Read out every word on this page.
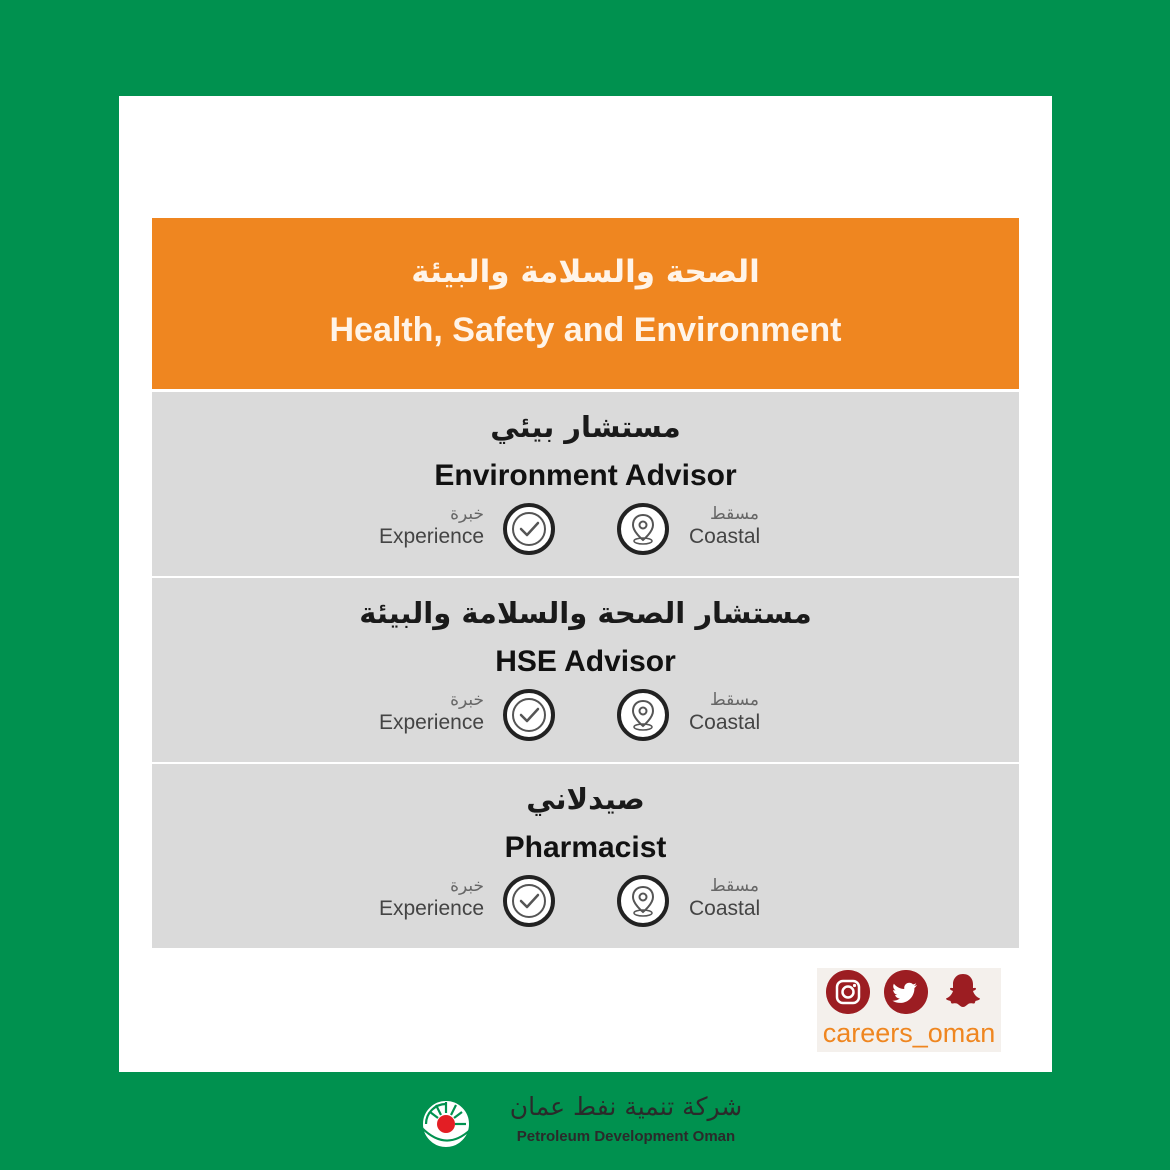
الصحة والسلامة والبيئة
Health, Safety and Environment
مستشار بيئي
Environment Advisor
خبرة
Experience
مسقط
Coastal
مستشار الصحة والسلامة والبيئة
HSE Advisor
خبرة
Experience
مسقط
Coastal
صيدلاني
Pharmacist
خبرة
Experience
مسقط
Coastal
careers_oman
شركة تنمية نفط عمان
Petroleum Development Oman
